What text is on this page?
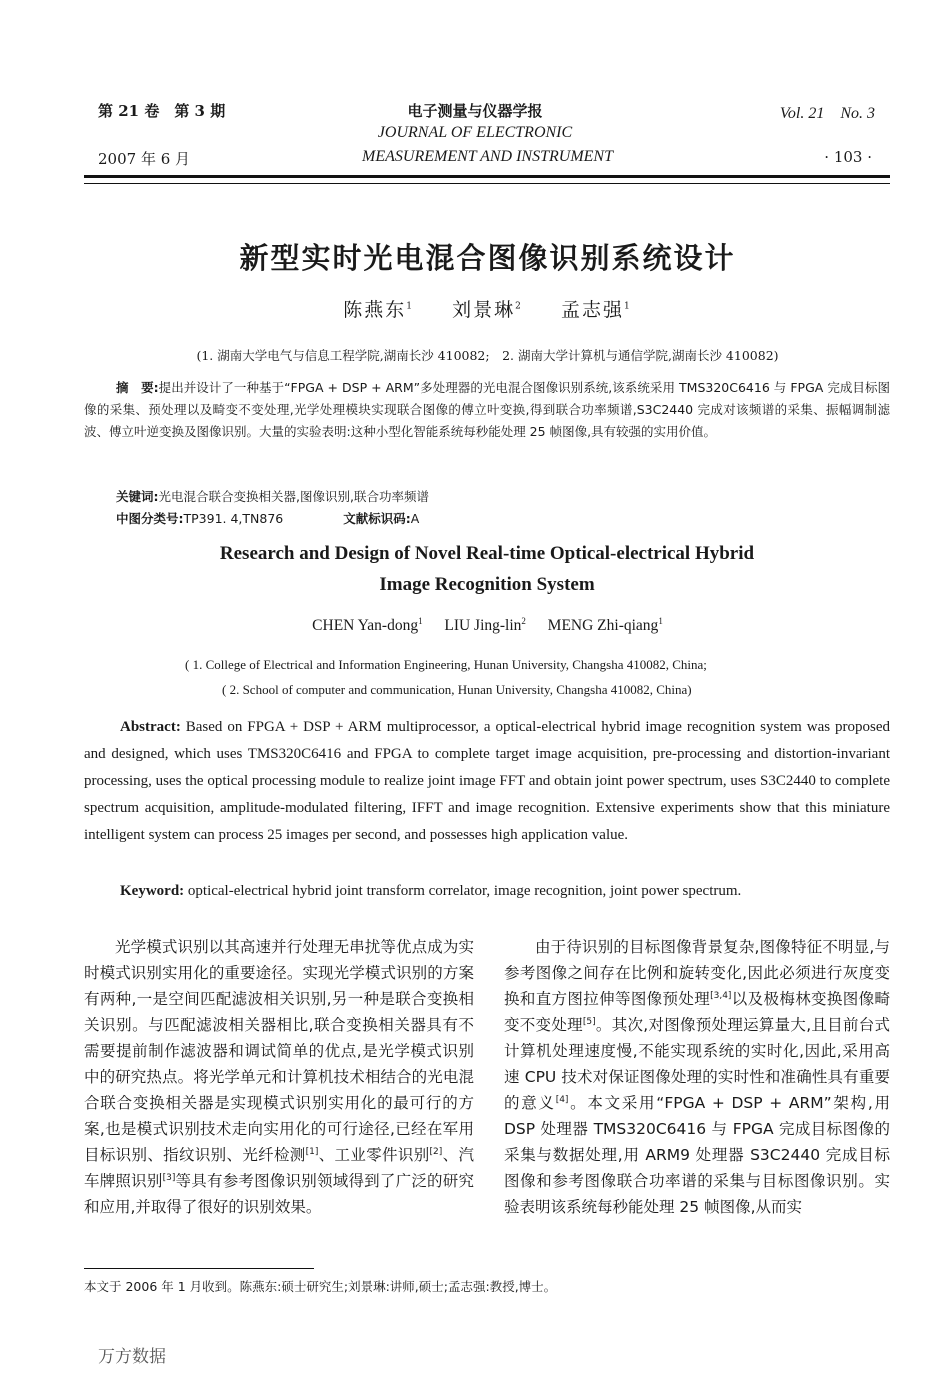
第 21 卷　第 3 期
2007 年 6 月
电子测量与仪器学报
JOURNAL OF ELECTRONIC
MEASUREMENT AND INSTRUMENT
Vol. 21　No. 3
· 103 ·
新型实时光电混合图像识别系统设计
陈燕东$^1$ 刘景琳$^2$ 孟志强$^1$
(1. 湖南大学电气与信息工程学院,湖南长沙 410082;　2. 湖南大学计算机与通信学院,湖南长沙 410082)
摘　要:提出并设计了一种基于“FPGA + DSP + ARM”多处理器的光电混合图像识别系统,该系统采用 TMS320C6416 与 FPGA 完成目标图像的采集、预处理以及畸变不变处理,光学处理模块实现联合图像的傅立叶变换,得到联合功率频谱,S3C2440 完成对该频谱的采集、振幅调制滤波、傅立叶逆变换及图像识别。大量的实验表明:这种小型化智能系统每秒能处理 25 帧图像,具有较强的实用价值。
关键词:光电混合联合变换相关器,图像识别,联合功率频谱
中图分类号:TP391. 4,TN876	文献标识码:A
Research and Design of Novel Real-time Optical-electrical Hybrid
Image Recognition System
CHEN Yan-dong$^1$ LIU Jing-lin$^2$ MENG Zhi-qiang$^1$
( 1. College of Electrical and Information Engineering, Hunan University, Changsha 410082, China;
( 2. School of computer and communication, Hunan University, Changsha 410082, China)
Abstract: Based on FPGA + DSP + ARM multiprocessor, a optical-electrical hybrid image recognition system was proposed and designed, which uses TMS320C6416 and FPGA to complete target image acquisition, pre-processing and distortion-invariant processing, uses the optical processing module to realize joint image FFT and obtain joint power spectrum, uses S3C2440 to complete spectrum acquisition, amplitude-modulated filtering, IFFT and image recognition. Extensive experiments show that this miniature intelligent system can process 25 images per second, and possesses high application value.
Keyword: optical-electrical hybrid joint transform correlator, image recognition, joint power spectrum.
光学模式识别以其高速并行处理无串扰等优点成为实时模式识别实用化的重要途径。实现光学模式识别的方案有两种,一是空间匹配滤波相关识别,另一种是联合变换相关识别。与匹配滤波相关器相比,联合变换相关器具有不需要提前制作滤波器和调试简单的优点,是光学模式识别中的研究热点。将光学单元和计算机技术相结合的光电混合联合变换相关器是实现模式识别实用化的最可行的方案,也是模式识别技术走向实用化的可行途径,已经在军用目标识别、指纹识别、光纤检测[1]、工业零件识别[2]、汽车牌照识别[3]等具有参考图像识别领域得到了广泛的研究和应用,并取得了很好的识别效果。
由于待识别的目标图像背景复杂,图像特征不明显,与参考图像之间存在比例和旋转变化,因此必须进行灰度变换和直方图拉伸等图像预处理[3,4]以及极梅林变换图像畸变不变处理[5]。其次,对图像预处理运算量大,且目前台式计算机处理速度慢,不能实现系统的实时化,因此,采用高速 CPU 技术对保证图像处理的实时性和准确性具有重要的意义[4]。本文采用“FPGA + DSP + ARM”架构,用 DSP 处理器 TMS320C6416 与 FPGA 完成目标图像的采集与数据处理,用 ARM9 处理器 S3C2440 完成目标图像和参考图像联合功率谱的采集与目标图像识别。实验表明该系统每秒能处理 25 帧图像,从而实
本文于 2006 年 1 月收到。陈燕东:硕士研究生;刘景琳:讲师,硕士;孟志强:教授,博士。
万方数据
